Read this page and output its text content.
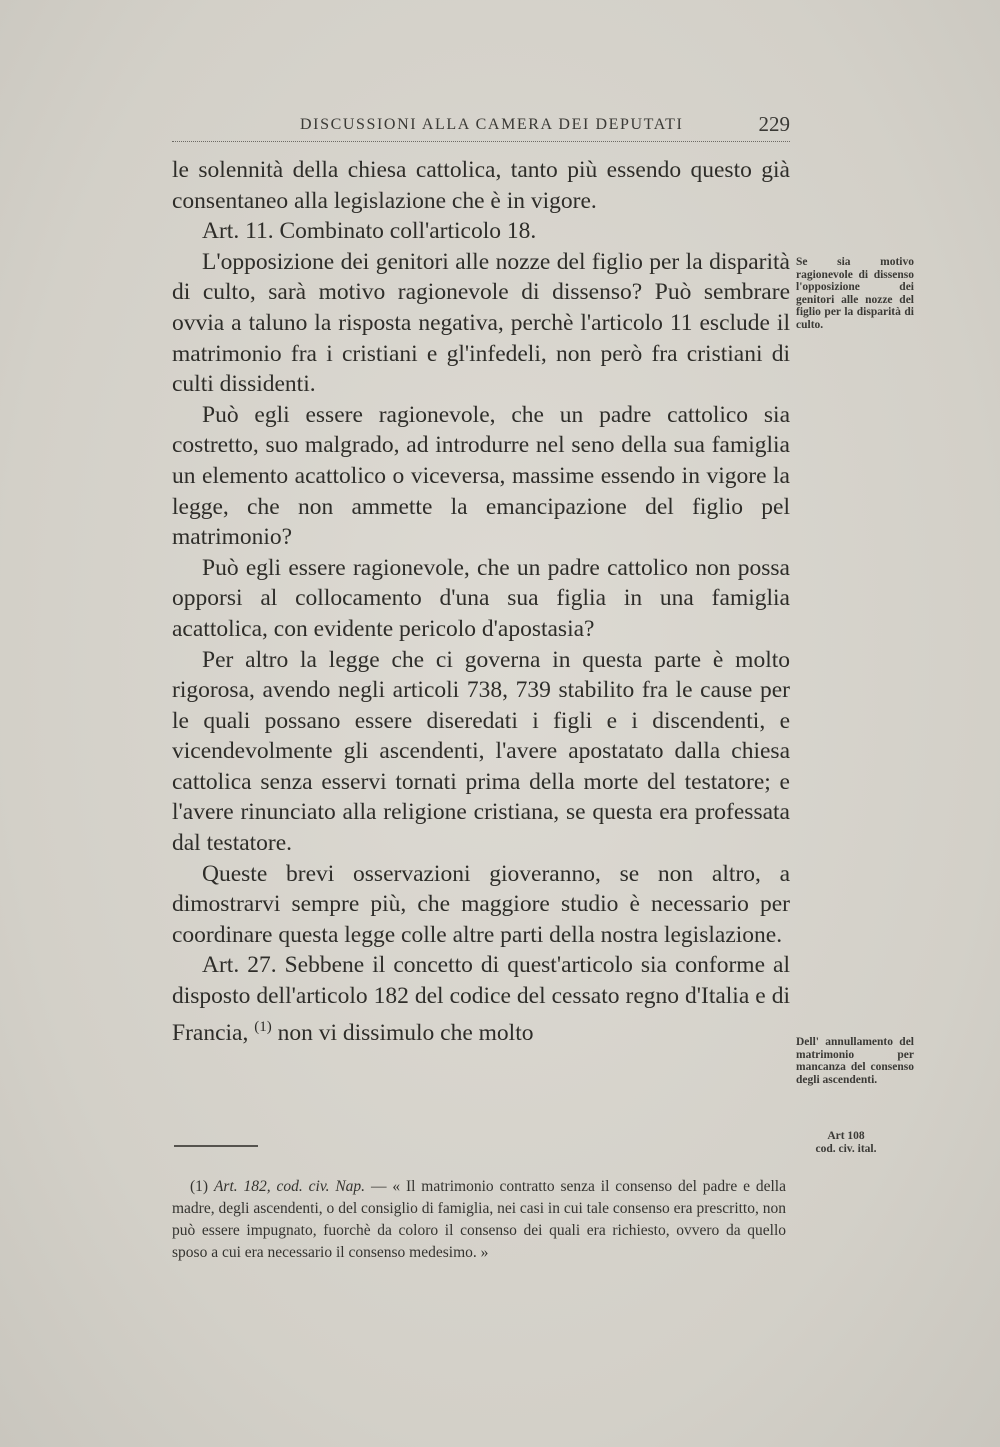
DISCUSSIONI ALLA CAMERA DEI DEPUTATI	229

le solennità della chiesa cattolica, tanto più essendo questo già consentaneo alla legislazione che è in vigore.

Art. 11. Combinato coll'articolo 18.

L'opposizione dei genitori alle nozze del figlio per la disparità di culto, sarà motivo ragionevole di dissenso? Può sembrare ovvia a taluno la risposta negativa, perchè l'articolo 11 esclude il matrimonio fra i cristiani e gl'infedeli, non però fra cristiani di culti dissidenti.

Può egli essere ragionevole, che un padre cattolico sia costretto, suo malgrado, ad introdurre nel seno della sua famiglia un elemento acattolico o viceversa, massime essendo in vigore la legge, che non ammette la emancipazione del figlio pel matrimonio?

Può egli essere ragionevole, che un padre cattolico non possa opporsi al collocamento d'una sua figlia in una famiglia acattolica, con evidente pericolo d'apostasia?

Per altro la legge che ci governa in questa parte è molto rigorosa, avendo negli articoli 738, 739 stabilito fra le cause per le quali possano essere diseredati i figli e i discendenti, e vicendevolmente gli ascendenti, l'avere apostatato dalla chiesa cattolica senza esservi tornati prima della morte del testatore; e l'avere rinunciato alla religione cristiana, se questa era professata dal testatore.

Queste brevi osservazioni gioveranno, se non altro, a dimostrarvi sempre più, che maggiore studio è necessario per coordinare questa legge colle altre parti della nostra legislazione.

Art. 27. Sebbene il concetto di quest'articolo sia conforme al disposto dell'articolo 182 del codice del cessato regno d'Italia e di Francia, $^{(1)}$ non vi dissimulo che molto

Se sia motivo ragionevole di dissenso l'opposizione dei genitori alle nozze del figlio per la disparità di culto.
Dell' annullamento del matrimonio per mancanza del consenso degli ascendenti.
Art 108
cod. civ. ital.

(1) Art. 182, cod. civ. Nap. — « Il matrimonio contratto senza il consenso del padre e della madre, degli ascendenti, o del consiglio di famiglia, nei casi in cui tale consenso era prescritto, non può essere impugnato, fuorchè da coloro il consenso dei quali era richiesto, ovvero da quello sposo a cui era necessario il consenso medesimo. »
